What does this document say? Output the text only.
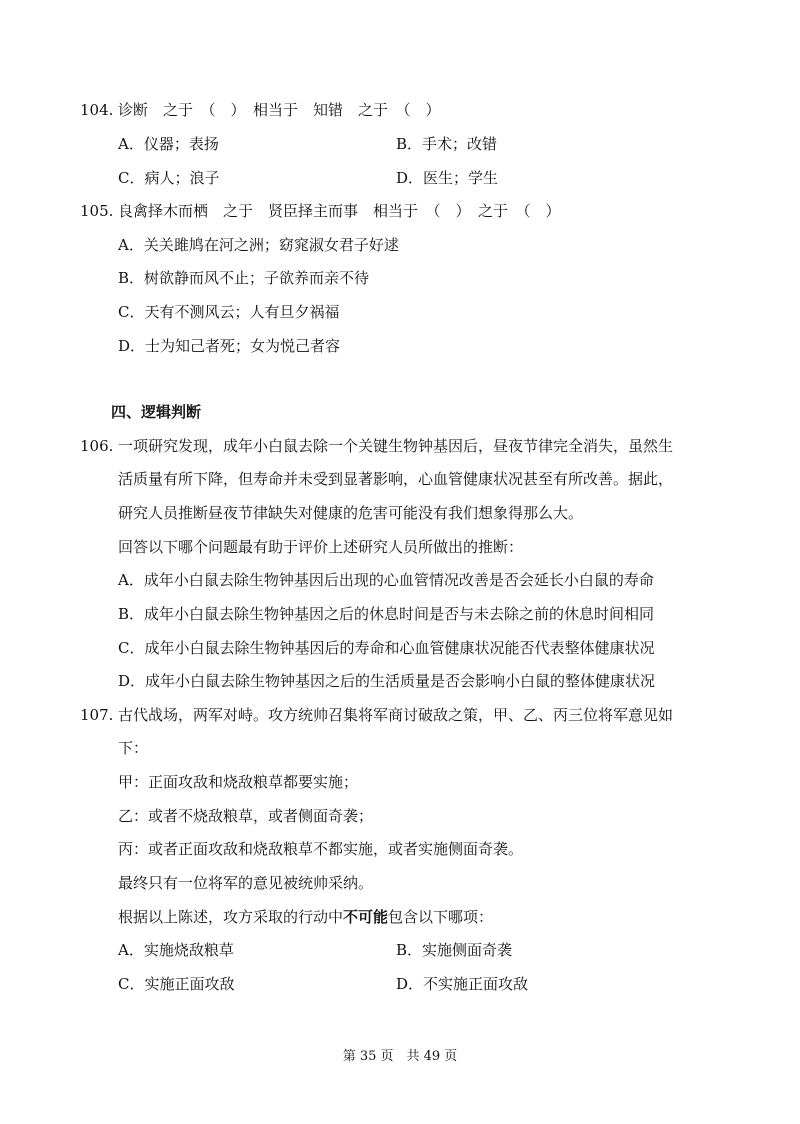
104. 诊断　之于　（　）　相当于　知错　之于　（　）
A．仪器；表扬	B．手术；改错
C．病人；浪子	D．医生；学生
105. 良禽择木而栖　之于　贤臣择主而事　相当于　（　）　之于　（　）
A．关关雎鸠在河之洲；窈窕淑女君子好逑
B．树欲静而风不止；子欲养而亲不待
C．天有不测风云；人有旦夕祸福
D．士为知己者死；女为悦己者容
四、逻辑判断
106. 一项研究发现，成年小白鼠去除一个关键生物钟基因后，昼夜节律完全消失，虽然生
活质量有所下降，但寿命并未受到显著影响，心血管健康状况甚至有所改善。据此，
研究人员推断昼夜节律缺失对健康的危害可能没有我们想象得那么大。
回答以下哪个问题最有助于评价上述研究人员所做出的推断：
A．成年小白鼠去除生物钟基因后出现的心血管情况改善是否会延长小白鼠的寿命
B．成年小白鼠去除生物钟基因之后的休息时间是否与未去除之前的休息时间相同
C．成年小白鼠去除生物钟基因后的寿命和心血管健康状况能否代表整体健康状况
D．成年小白鼠去除生物钟基因之后的生活质量是否会影响小白鼠的整体健康状况
107. 古代战场，两军对峙。攻方统帅召集将军商讨破敌之策，甲、乙、丙三位将军意见如
下：
甲：正面攻敌和烧敌粮草都要实施；
乙：或者不烧敌粮草，或者侧面奇袭；
丙：或者正面攻敌和烧敌粮草不都实施，或者实施侧面奇袭。
最终只有一位将军的意见被统帅采纳。
根据以上陈述，攻方采取的行动中不可能包含以下哪项：
A．实施烧敌粮草	B．实施侧面奇袭
C．实施正面攻敌	D．不实施正面攻敌
第 35 页　共 49 页
